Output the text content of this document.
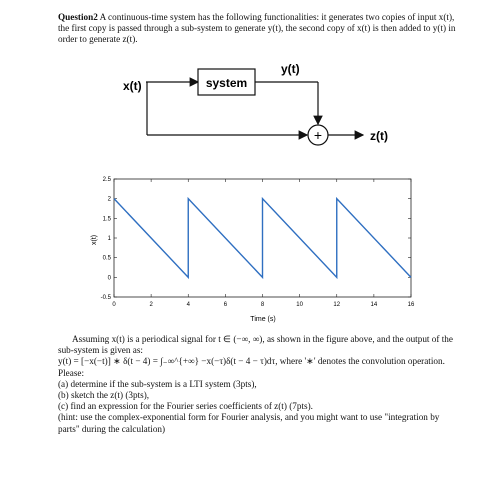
Question2 A continuous-time system has the following functionalities: it generates two copies of input x(t), the first copy is passed through a sub-system to generate y(t), the second copy of x(t) is then added to y(t) in order to generate z(t).

x(t)	system
y(t)
+	z(t)
0	2	4	6	8	10	12	14	16
-0.5
0
0.5
1
1.5
2
2.5
Time (s)
x(t)

Assuming x(t) is a periodical signal for t ∈ (−∞, ∞), as shown in the figure above, and the output of the sub-system is given as:

y(t) = [−x(−t)] ∗ δ(t − 4) = ∫₋∞^{+∞} −x(−τ)δ(t − 4 − τ)dτ, where '∗' denotes the convolution operation. Please:

(a) determine if the sub-system is a LTI system (3pts),

(b) sketch the z(t) (3pts),

(c) find an expression for the Fourier series coefficients of z(t) (7pts).

(hint: use the complex-exponential form for Fourier analysis, and you might want to use "integration by parts" during the calculation)
